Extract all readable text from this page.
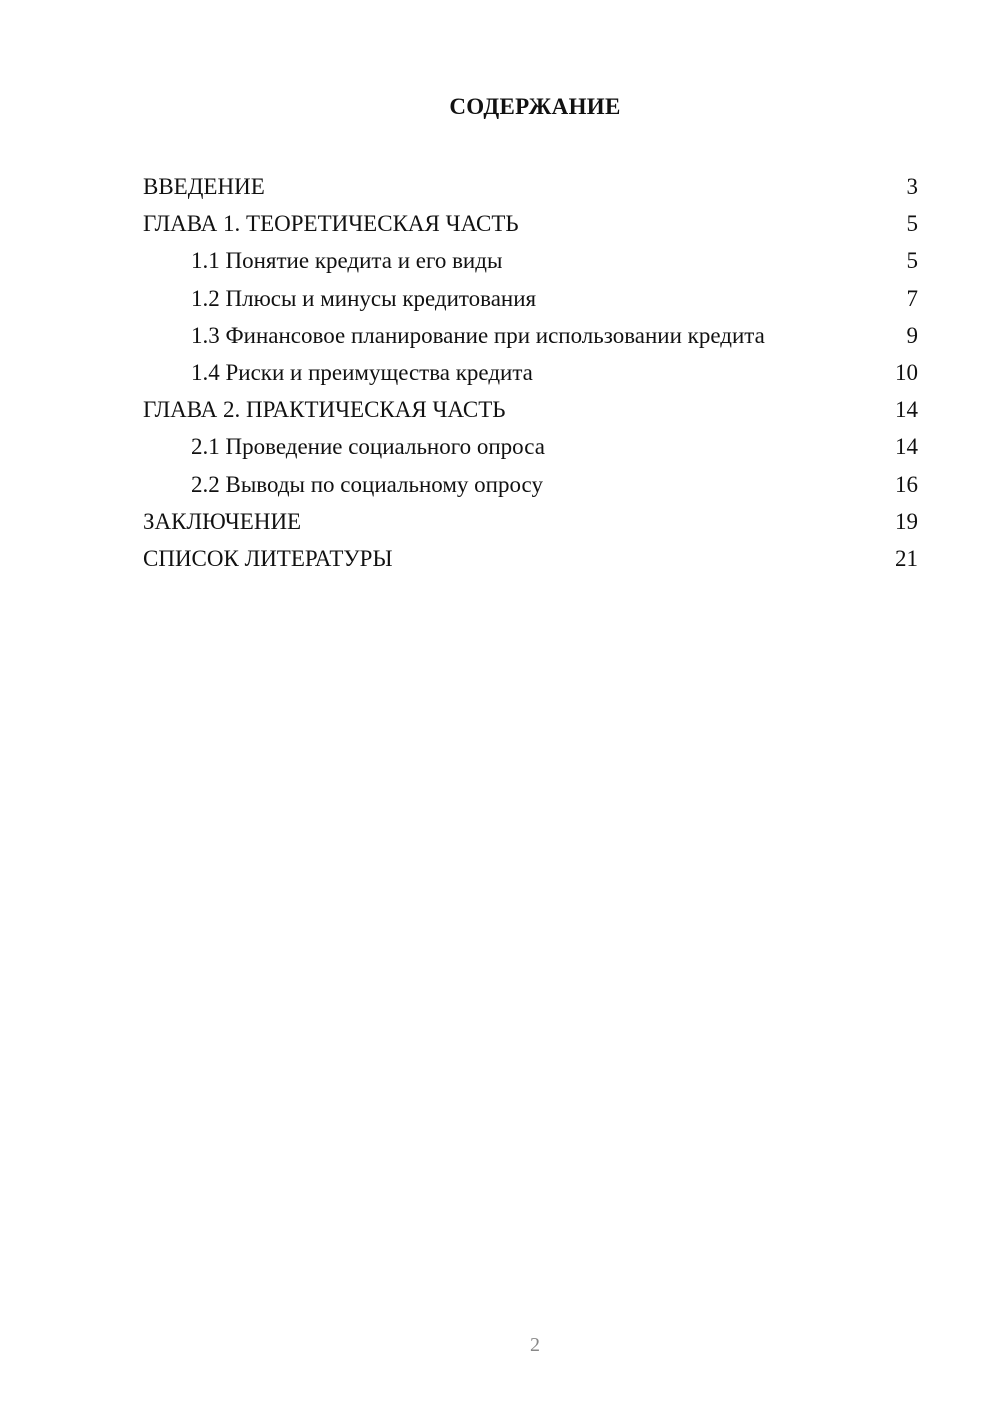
СОДЕРЖАНИЕ
ВВЕДЕНИЕ	3
ГЛАВА 1. ТЕОРЕТИЧЕСКАЯ ЧАСТЬ	5
1.1 Понятие кредита и его виды	5
1.2 Плюсы и минусы кредитования	7
1.3 Финансовое планирование при использовании кредита	9
1.4 Риски и преимущества кредита	10
ГЛАВА 2. ПРАКТИЧЕСКАЯ ЧАСТЬ	14
2.1 Проведение социального опроса	14
2.2 Выводы по социальному опросу	16
ЗАКЛЮЧЕНИЕ	19
СПИСОК ЛИТЕРАТУРЫ	21
2
